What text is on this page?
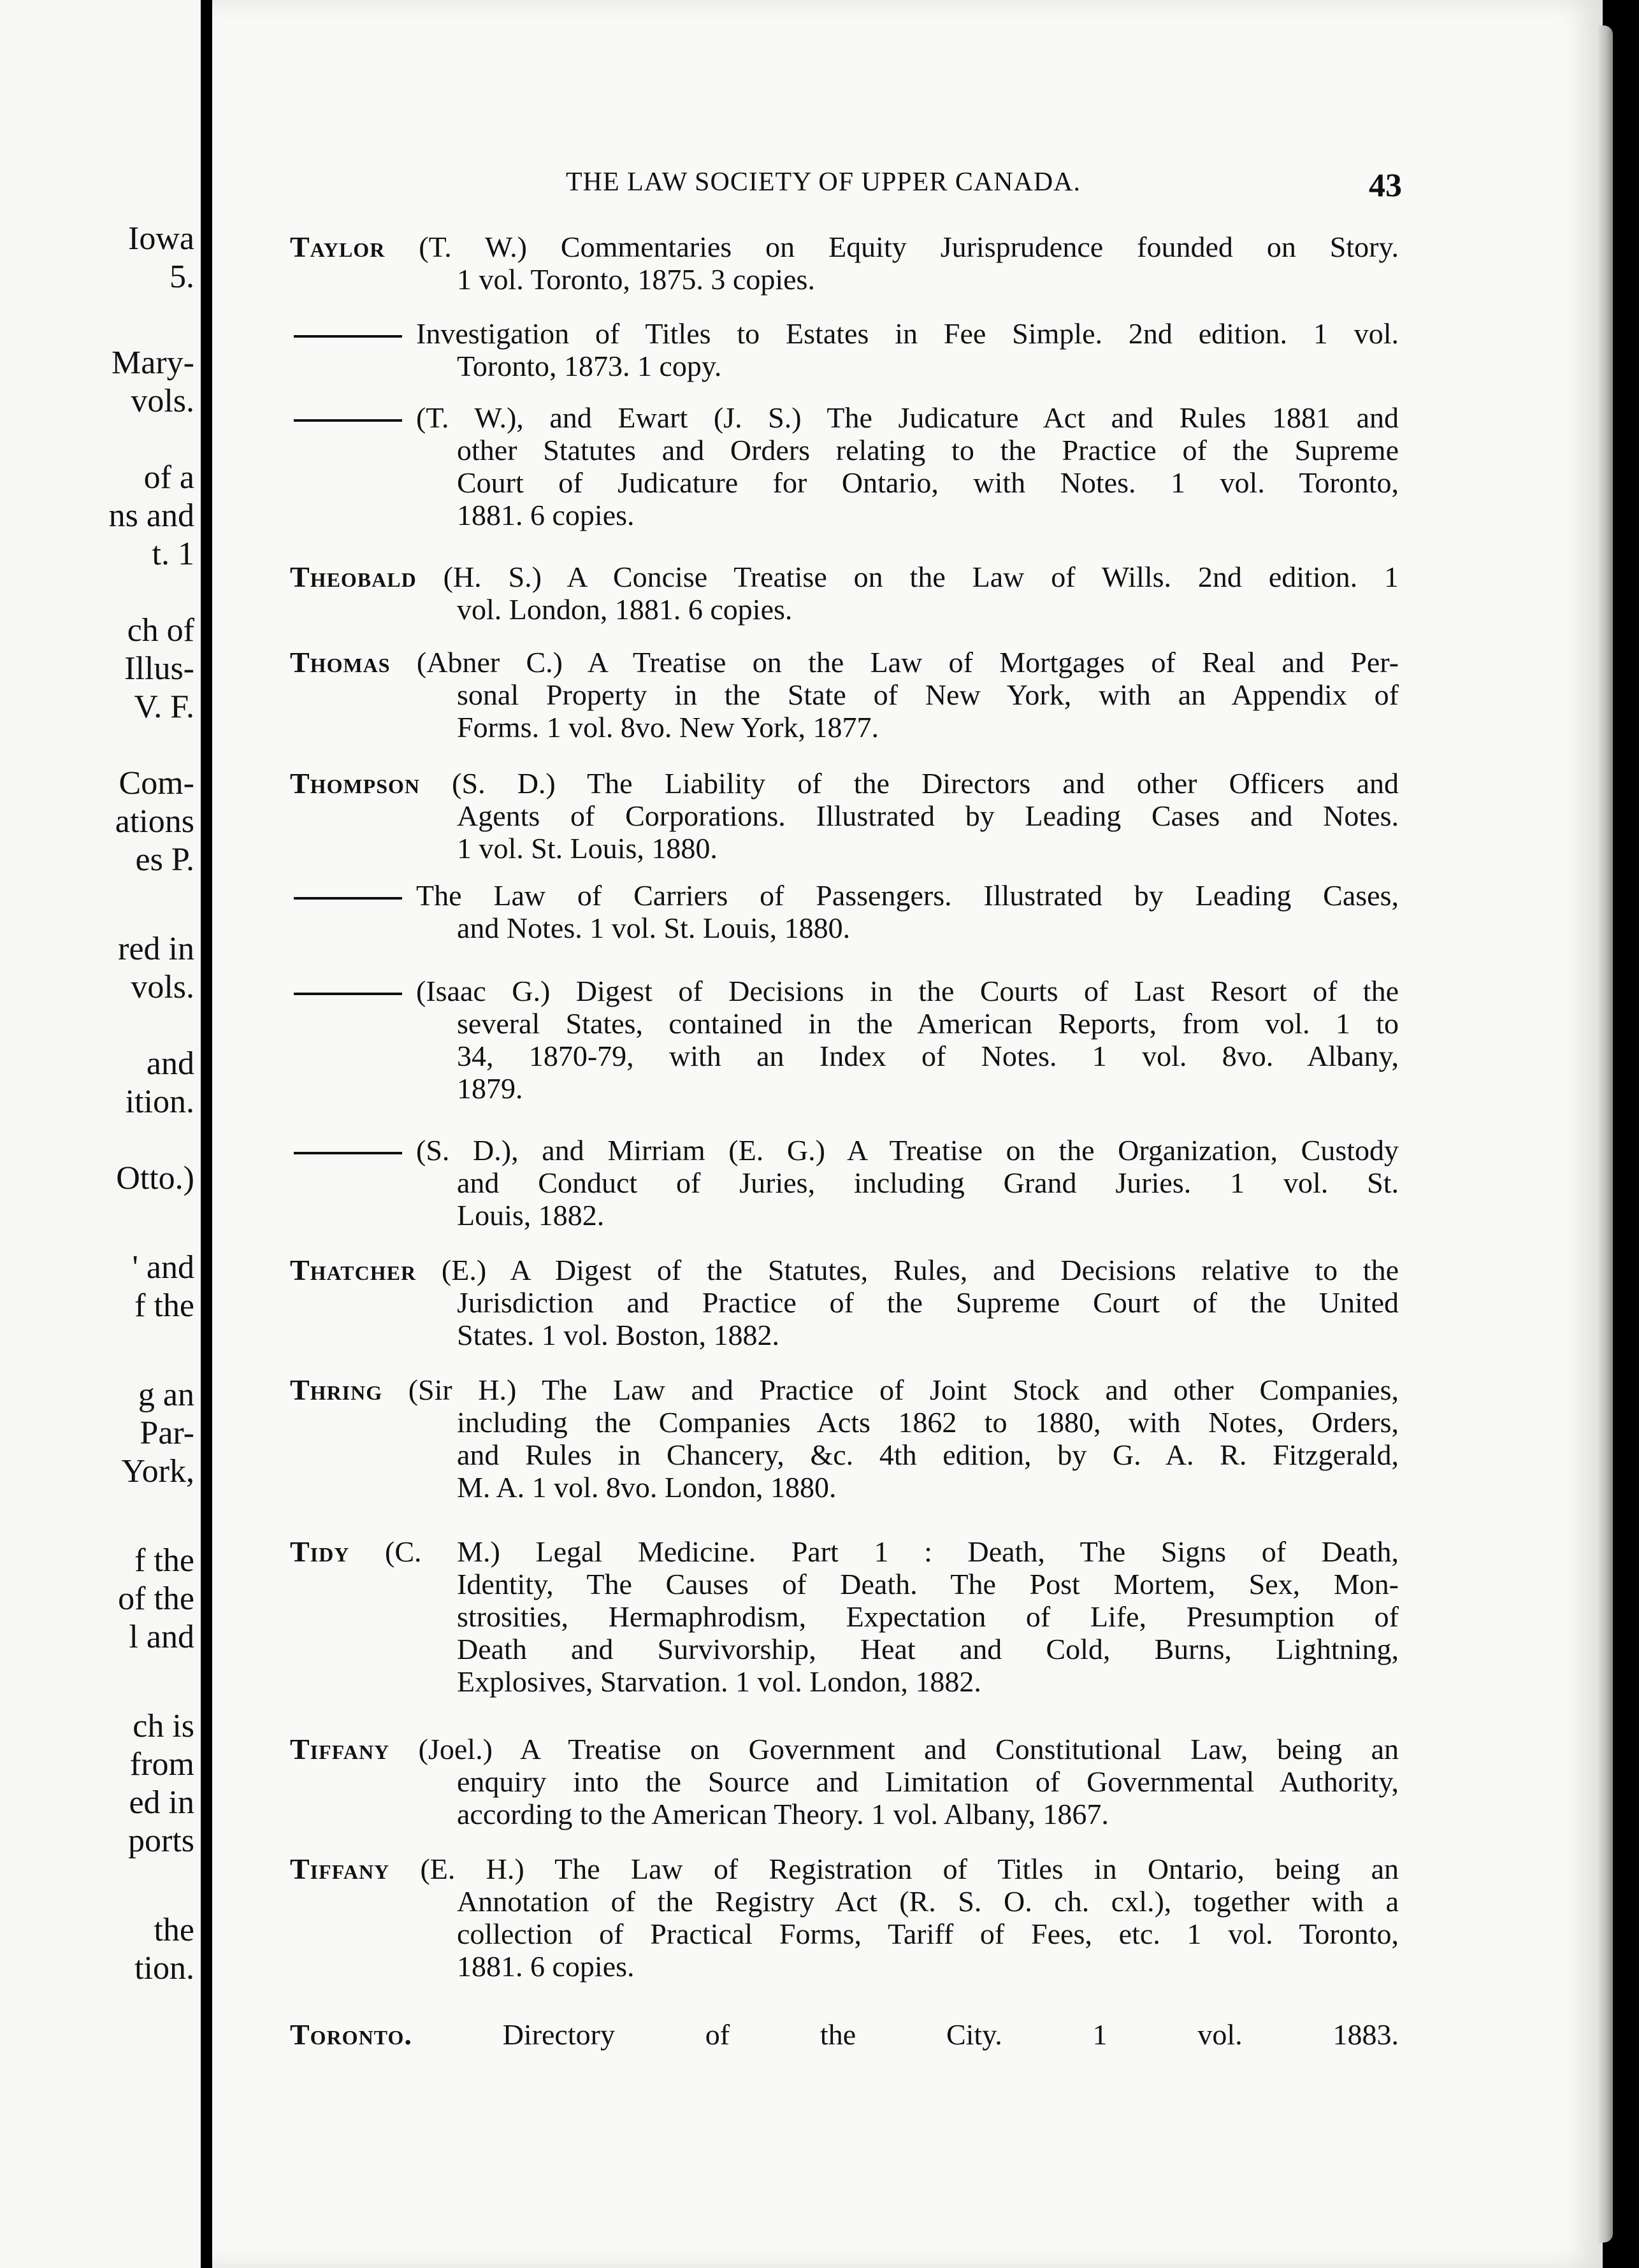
Iowa
5.
Mary-
vols.
of a
ns and
t. 1
ch of
Illus-
V. F.
Com-
ations
es P.
red in
vols.
and
ition.
Otto.)
' and
f the
g an
Par-
York,
f the
of the
l and
ch is
from
ed in
ports
the
tion.
THE LAW SOCIETY OF UPPER CANADA.	43
Taylor (T. W.) Commentaries on Equity Jurisprudence founded on Story.
1 vol. Toronto, 1875. 3 copies.
Investigation of Titles to Estates in Fee Simple. 2nd edition. 1 vol.
Toronto, 1873. 1 copy.
(T. W.), and Ewart (J. S.) The Judicature Act and Rules 1881 and
other Statutes and Orders relating to the Practice of the Supreme
Court of Judicature for Ontario, with Notes. 1 vol. Toronto,
1881. 6 copies.
Theobald (H. S.) A Concise Treatise on the Law of Wills. 2nd edition. 1
vol. London, 1881. 6 copies.
Thomas (Abner C.) A Treatise on the Law of Mortgages of Real and Per-
sonal Property in the State of New York, with an Appendix of
Forms. 1 vol. 8vo. New York, 1877.
Thompson (S. D.) The Liability of the Directors and other Officers and
Agents of Corporations. Illustrated by Leading Cases and Notes.
1 vol. St. Louis, 1880.
The Law of Carriers of Passengers. Illustrated by Leading Cases,
and Notes. 1 vol. St. Louis, 1880.
(Isaac G.) Digest of Decisions in the Courts of Last Resort of the
several States, contained in the American Reports, from vol. 1 to
34, 1870-79, with an Index of Notes. 1 vol. 8vo. Albany,
1879.
(S. D.), and Mirriam (E. G.) A Treatise on the Organization, Custody
and Conduct of Juries, including Grand Juries. 1 vol. St.
Louis, 1882.
Thatcher (E.) A Digest of the Statutes, Rules, and Decisions relative to the
Jurisdiction and Practice of the Supreme Court of the United
States. 1 vol. Boston, 1882.
Thring (Sir H.) The Law and Practice of Joint Stock and other Companies,
including the Companies Acts 1862 to 1880, with Notes, Orders,
and Rules in Chancery, &c. 4th edition, by G. A. R. Fitzgerald,
M. A. 1 vol. 8vo. London, 1880.
Tidy (C. M.) Legal Medicine. Part 1 : Death, The Signs of Death,
Identity, The Causes of Death. The Post Mortem, Sex, Mon-
strosities, Hermaphrodism, Expectation of Life, Presumption of
Death and Survivorship, Heat and Cold, Burns, Lightning,
Explosives, Starvation. 1 vol. London, 1882.
Tiffany (Joel.) A Treatise on Government and Constitutional Law, being an
enquiry into the Source and Limitation of Governmental Authority,
according to the American Theory. 1 vol. Albany, 1867.
Tiffany (E. H.) The Law of Registration of Titles in Ontario, being an
Annotation of the Registry Act (R. S. O. ch. cxl.), together with a
collection of Practical Forms, Tariff of Fees, etc. 1 vol. Toronto,
1881. 6 copies.
Toronto.	Directory of the City. 1 vol. 1883.
